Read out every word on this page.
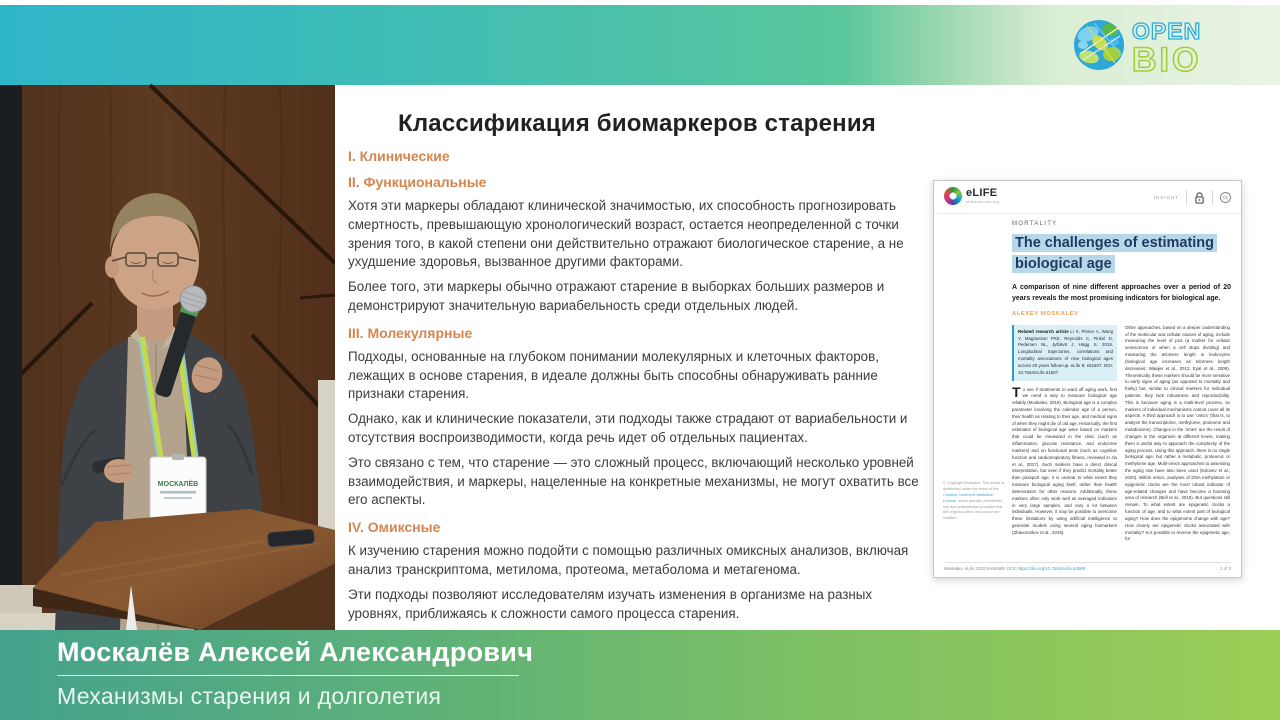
OPEN
BIO
МОСКАЛЁВ
Классификация биомаркеров старения
I. Клинические
II. Функциональные
Хотя эти маркеры обладают клинической значимостью, их способность прогнозировать смертность, превышающую хронологический возраст, остается неопределенной с точки зрения того, в какой степени они действительно отражают биологическое старение, а не ухудшение здоровья, вызванное другими факторами.
Более того, эти маркеры обычно отражают старение в выборках больших размеров и демонстрируют значительную вариабельность среди отдельных людей.
III. Молекулярные
Подходы, основанные на глубоком понимании молекулярных и клеточных факторов, лежащих в основе старения, в идеале должны быть способны обнаруживать ранние признаки старения.
Однако, как и клинические показатели, эти подходы также страдают от вариабельности и отсутствия воспроизводимости, когда речь идет об отдельных пациентах.
Это связано с тем, что старение — это сложный процесс, включающий несколько уровней взаимодействия, и маркеры, нацеленные на конкретные механизмы, не могут охватить все его аспекты.
IV. Омиксные
К изучению старения можно подойти с помощью различных омиксных анализов, включая анализ транскриптома, метилома, протеома, метаболома и метагенома.
Эти подходы позволяют исследователям изучать изменения в организме на разных уровнях, приближаясь к сложности самого процесса старения.
eLIFE
elifesciences.org
INSIGHT	cc
MORTALITY
The challenges of estimating biological age
A comparison of nine different approaches over a period of 20 years reveals the most promising indicators for biological age.
ALEXEY MOSKALEV
Related research article Li X, Ploner A, Wang Y, Magnusson PKE, Reynolds C, Finkel D, Pedersen NL, Jylhävä J, Hägg S. 2019. Longitudinal trajectories, correlations and mortality associations of nine biological ages across 20 years follow-up. eLife 8: e51507. DOI: 10.7554/eLife.51507
To see if treatments to ward off aging work, first we need a way to measure biological age reliably (Moskalev, 2019). Biological age is a complex parameter involving the calendar age of a person, their health as relating to their age, and medical signs of when they might die of old age. Historically, the first estimates of biological age were based on markers that could be measured in the clinic (such as inflammation, glucose resistance, and endocrine markers) and on functional tests (such as cognitive function and cardiorespiratory fitness, reviewed in Jia et al., 2017). Such markers have a direct clinical interpretation, but even if they predict mortality better than passport age, it is unclear to what extent they measure biological aging itself, rather than health deterioration for other reasons. Additionally, these markers often only work well as averaged indicators in very large samples, and vary a lot between individuals. However, it may be possible to overcome these limitations by using artificial intelligence to generate models using several aging biomarkers (Zhavoronkov et al., 2019).
Other approaches, based on a deeper understanding of the molecular and cellular causes of aging, include measuring the level of p16 (a marker for cellular senescence or when a cell stops dividing) and measuring the telomere length in leukocytes (biological age increases as telomere length decreases; Waaijer et al., 2012; Eyal et al., 2009). Theoretically, these markers should be more sensitive to early signs of aging (as opposed to mortality and frailty) but, similar to clinical markers for individual patients, they lack robustness and reproducibility. This is because aging is a multi-level process, so markers of individual mechanisms cannot cover all its aspects. A third approach is to use 'omics' (that is, to analyse the transcriptome, methylome, proteome and metabolome). Changes in the 'omes' are the result of changes in the organism at different levels, making them a useful way to approach the complexity of the aging process. Using this approach, there is no single biological age, but rather a metabolic, proteomic or methylome age. Multi-omics approaches to assessing the aging rate have also been used (Solovev et al., 2020). Within omics, analyses of DNA methylation or epigenetic clocks are the most robust indicator of age-related changes and have become a booming area of research (Bell et al., 2019). But questions still remain. To what extent are epigenetic clocks a function of age, and to what extent part of biological aging? How does the epigenome change with age? How closely are epigenetic clocks associated with mortality? Is it possible to reverse the epigenetic age, for
© Copyright Moskalev. This article is distributed under the terms of the Creative Commons Attribution License, which permits unrestricted use and redistribution provided that the original author and source are credited.
Moskalev. eLife 2020;9:e54969. DOI: https://doi.org/10.7554/eLife.54969	1 of 3
Москалёв Алексей Александрович
Механизмы старения и долголетия
